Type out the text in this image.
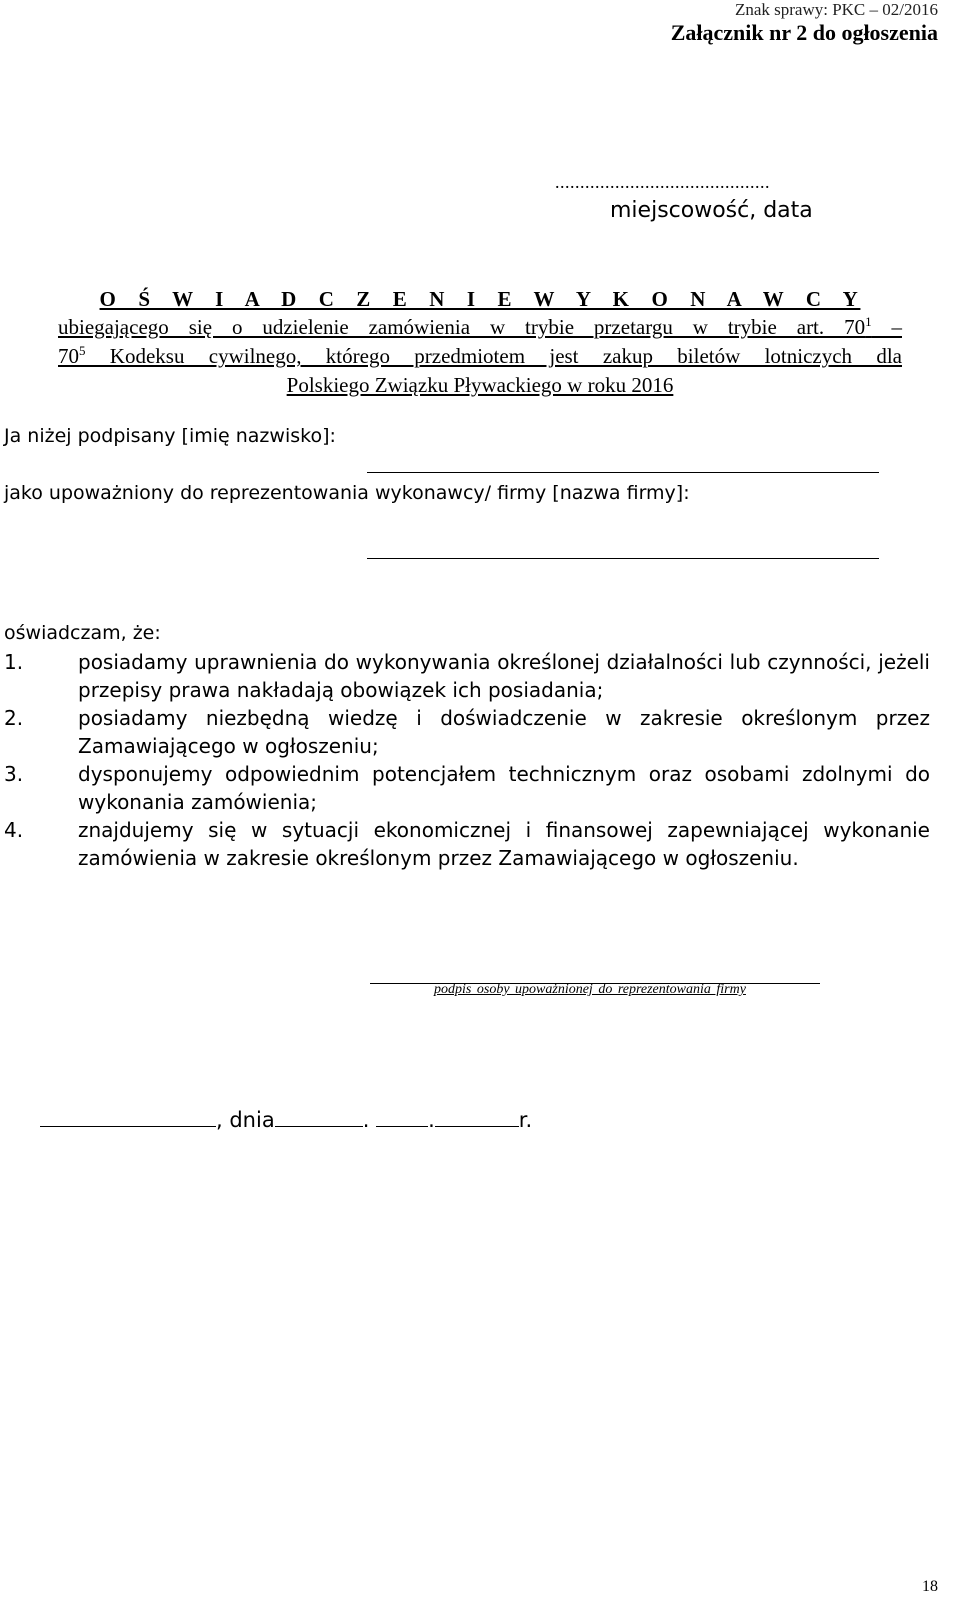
Znak sprawy: PKC – 02/2016
Załącznik nr 2 do ogłoszenia
...........................................
miejscowość, data
O Ś W I A D C Z E N I E W Y K O N A W C Y
ubiegającego się o udzielenie zamówienia w trybie przetargu w trybie art. $70^1$ –
$70^5$ Kodeksu cywilnego, którego przedmiotem jest zakup biletów lotniczych dla
Polskiego Związku Pływackiego w roku 2016
Ja niżej podpisany [imię nazwisko]:
jako upoważniony do reprezentowania wykonawcy/ firmy [nazwa firmy]:
oświadczam, że:
1.	posiadamy uprawnienia do wykonywania określonej działalności lub czynności, jeżeli przepisy prawa nakładają obowiązek ich posiadania;
2.	posiadamy niezbędną wiedzę i doświadczenie w zakresie określonym przez Zamawiającego w ogłoszeniu;
3.	dysponujemy odpowiednim potencjałem technicznym oraz osobami zdolnymi do wykonania zamówienia;
4.	znajdujemy się w sytuacji ekonomicznej i finansowej zapewniającej wykonanie zamówienia w zakresie określonym przez Zamawiającego w ogłoszeniu.
podpis osoby upoważnionej do reprezentowania firmy
, dnia	.	.	r.
18
